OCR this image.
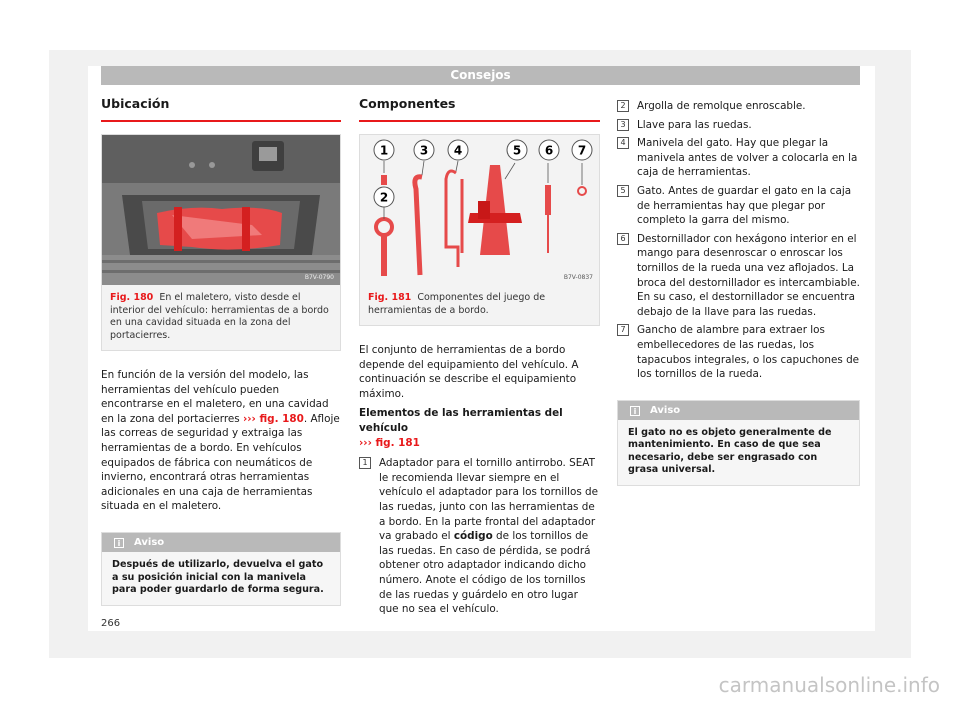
Consejos
Ubicación
B7V-0790
Fig. 180 En el maletero, visto desde el interior del vehículo: herramientas de a bordo en una cavidad situada en la zona del portacierres.

En función de la versión del modelo, las herramientas del vehículo pueden encontrarse en el maletero, en una cavidad en la zona del portacierres ››› fig. 180. Afloje las correas de seguridad y extraiga las herramientas de a bordo. En vehículos equipados de fábrica con neumáticos de invierno, encontrará otras herramientas adicionales en una caja de herramientas situada en el maletero.

i Aviso
Después de utilizarlo, devuelva el gato a su posición inicial con la manivela para poder guardarlo de forma segura.
Componentes
1
2
3 4	5 6 7
B7V-0837
Fig. 181 Componentes del juego de herramientas de a bordo.

El conjunto de herramientas de a bordo depende del equipamiento del vehículo. A continuación se describe el equipamiento máximo.

Elementos de las herramientas del vehículo
››› fig. 181

1	Adaptador para el tornillo antirrobo. SEAT le recomienda llevar siempre en el vehículo el adaptador para los tornillos de las ruedas, junto con las herramientas de a bordo. En la parte frontal del adaptador va grabado el código de los tornillos de las ruedas. En caso de pérdida, se podrá obtener otro adaptador indicando dicho número. Anote el código de los tornillos de las ruedas y guárdelo en otro lugar que no sea el vehículo.
2	Argolla de remolque enroscable.
3	Llave para las ruedas.
4	Manivela del gato. Hay que plegar la manivela antes de volver a colocarla en la caja de herramientas.
5	Gato. Antes de guardar el gato en la caja de herramientas hay que plegar por completo la garra del mismo.
6	Destornillador con hexágono interior en el mango para desenroscar o enroscar los tornillos de la rueda una vez aflojados. La broca del destornillador es intercambiable. En su caso, el destornillador se encuentra debajo de la llave para las ruedas.
7	Gancho de alambre para extraer los embellecedores de las ruedas, los tapacubos integrales, o los capuchones de los tornillos de la rueda.
i Aviso
El gato no es objeto generalmente de mantenimiento. En caso de que sea necesario, debe ser engrasado con grasa universal.
266
carmanualsonline.info
